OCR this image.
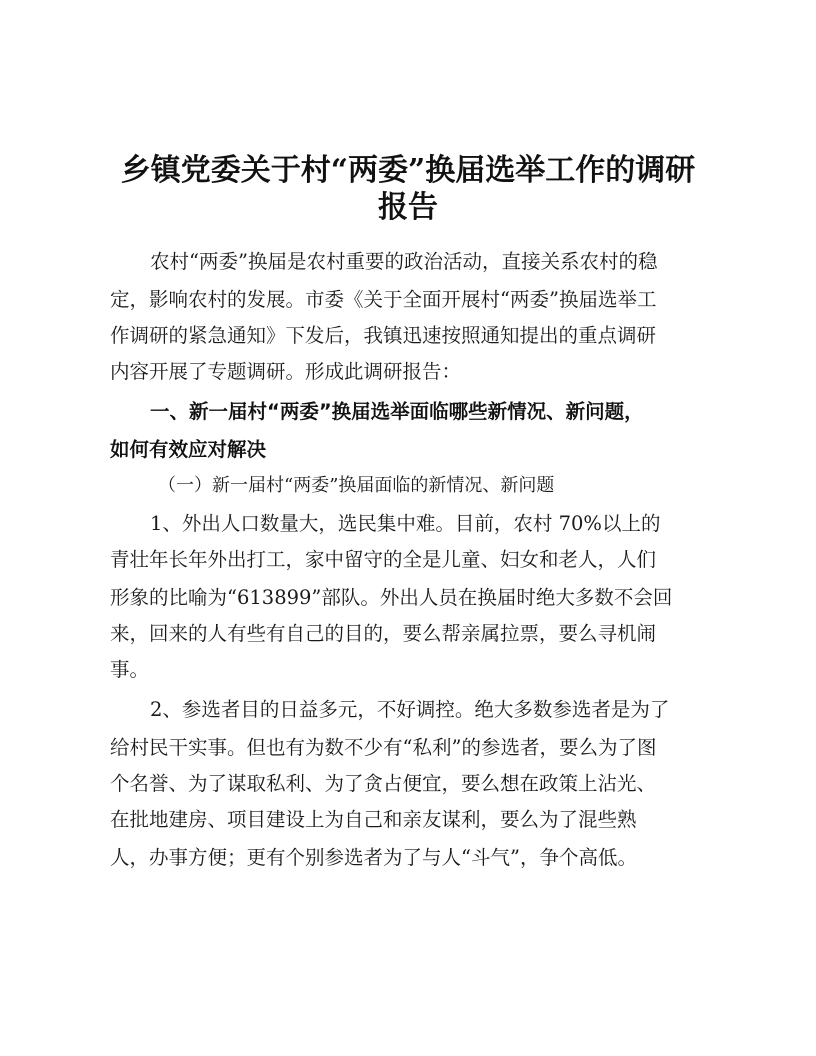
乡镇党委关于村“两委”换届选举工作的调研
报告
农村“两委”换届是农村重要的政治活动，直接关系农村的稳
定，影响农村的发展。市委《关于全面开展村“两委”换届选举工
作调研的紧急通知》下发后，我镇迅速按照通知提出的重点调研
内容开展了专题调研。形成此调研报告：
一、新一届村“两委”换届选举面临哪些新情况、新问题，
如何有效应对解决
（一）新一届村“两委”换届面临的新情况、新问题
1、外出人口数量大，选民集中难。目前，农村 70%以上的
青壮年长年外出打工，家中留守的全是儿童、妇女和老人，人们
形象的比喻为“613899”部队。外出人员在换届时绝大多数不会回
来，回来的人有些有自己的目的，要么帮亲属拉票，要么寻机闹
事。
2、参选者目的日益多元，不好调控。绝大多数参选者是为了
给村民干实事。但也有为数不少有“私利”的参选者，要么为了图
个名誉、为了谋取私利、为了贪占便宜，要么想在政策上沾光、
在批地建房、项目建设上为自己和亲友谋利，要么为了混些熟
人，办事方便；更有个别参选者为了与人“斗气”，争个高低。
